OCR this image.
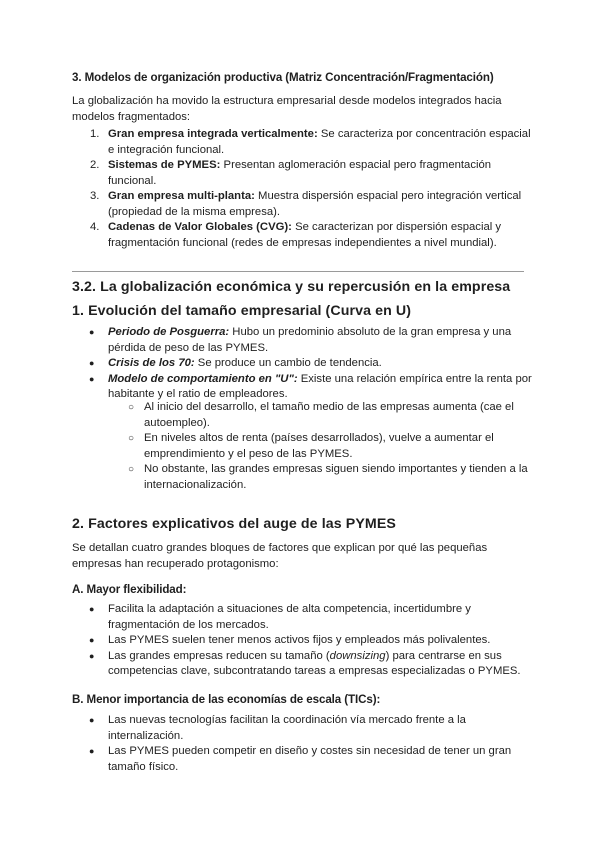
3. Modelos de organización productiva (Matriz Concentración/Fragmentación)

La globalización ha movido la estructura empresarial desde modelos integrados hacia modelos fragmentados:

1. Gran empresa integrada verticalmente: Se caracteriza por concentración espacial e integración funcional.
2. Sistemas de PYMES: Presentan aglomeración espacial pero fragmentación funcional.
3. Gran empresa multi-planta: Muestra dispersión espacial pero integración vertical (propiedad de la misma empresa).
4. Cadenas de Valor Globales (CVG): Se caracterizan por dispersión espacial y fragmentación funcional (redes de empresas independientes a nivel mundial).
3.2. La globalización económica y su repercusión en la empresa
1. Evolución del tamaño empresarial (Curva en U)
● Periodo de Posguerra: Hubo un predominio absoluto de la gran empresa y una pérdida de peso de las PYMES.
● Crisis de los 70: Se produce un cambio de tendencia.
● Modelo de comportamiento en "U": Existe una relación empírica entre la renta por habitante y el ratio de empleadores.
○ Al inicio del desarrollo, el tamaño medio de las empresas aumenta (cae el autoempleo).
○ En niveles altos de renta (países desarrollados), vuelve a aumentar el emprendimiento y el peso de las PYMES.
○ No obstante, las grandes empresas siguen siendo importantes y tienden a la internacionalización.
2. Factores explicativos del auge de las PYMES

Se detallan cuatro grandes bloques de factores que explican por qué las pequeñas empresas han recuperado protagonismo:

A. Mayor flexibilidad:
● Facilita la adaptación a situaciones de alta competencia, incertidumbre y fragmentación de los mercados.
● Las PYMES suelen tener menos activos fijos y empleados más polivalentes.
● Las grandes empresas reducen su tamaño (downsizing) para centrarse en sus competencias clave, subcontratando tareas a empresas especializadas o PYMES.
B. Menor importancia de las economías de escala (TICs):
● Las nuevas tecnologías facilitan la coordinación vía mercado frente a la internalización.
● Las PYMES pueden competir en diseño y costes sin necesidad de tener un gran tamaño físico.
